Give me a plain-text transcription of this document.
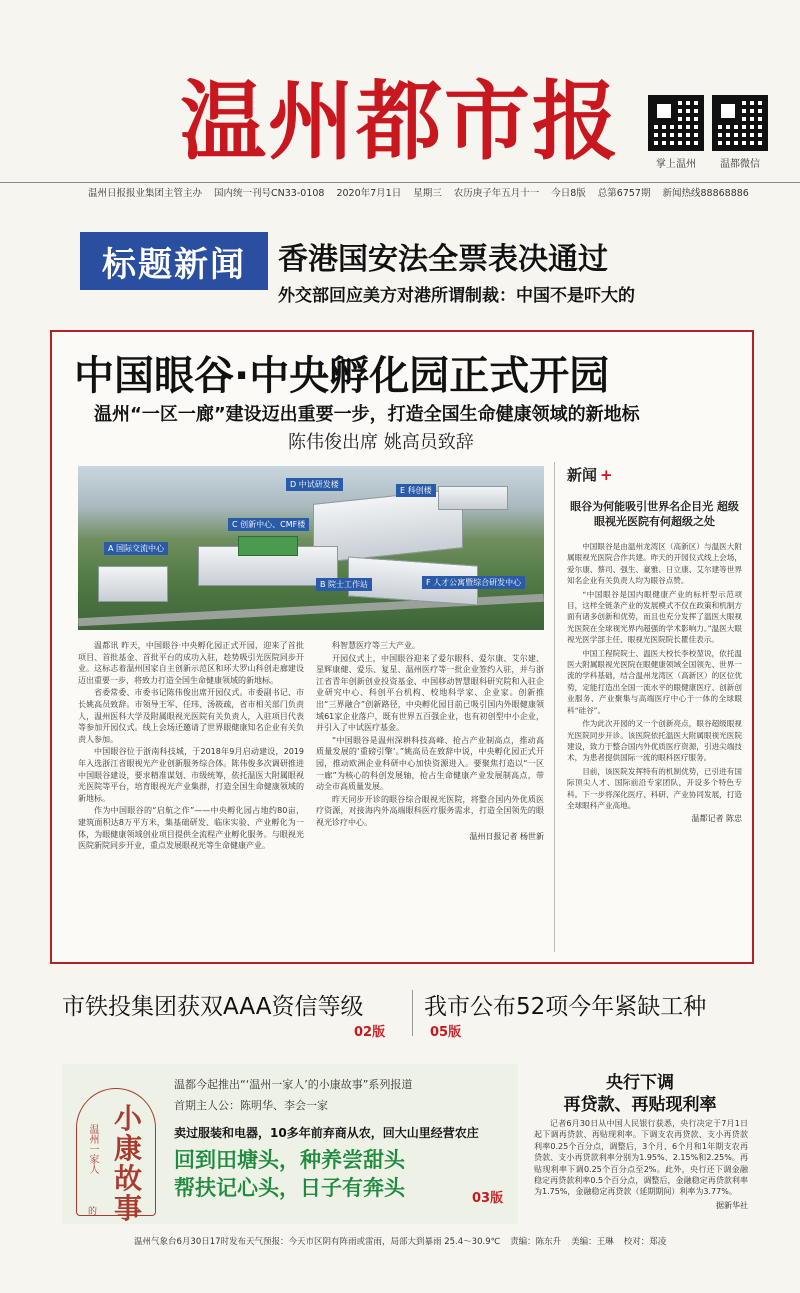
温州都市报	掌上温州	温都微信
温州日报报业集团主管主办 国内统一刊号CN33-0108 2020年7月1日 星期三 农历庚子年五月十一 今日8版 总第6757期 新闻热线88868886
标题新闻	香港国安法全票表决通过
外交部回应美方对港所谓制裁：中国不是吓大的
中国眼谷·中央孵化园正式开园
温州“一区一廊”建设迈出重要一步，打造全国生命健康领域的新地标
陈伟俊出席 姚高员致辞
D 中试研发楼
E 科创楼
C 创新中心、CMF楼
A 国际交流中心
B 院士工作站	F 人才公寓暨综合研发中心

温都讯 昨天，中国眼谷·中央孵化园正式开园，迎来了首批项目、首批基金、首批平台的成功入驻，趁势吸引光医院同步开业。这标志着温州国家自主创新示范区和环大罗山科创走廊建设迈出重要一步，将致力打造全国生命健康领域的新地标。

省委常委、市委书记陈伟俊出席开园仪式。市委副书记、市长姚高员致辞。市领导王军、任玮、汤筱疏，省市相关部门负责人，温州医科大学及附属眼视光医院有关负责人，入驻项目代表等参加开园仪式。线上会场还邀请了世界眼健康知名企业有关负责人参加。

中国眼谷位于浙南科技城，于2018年9月启动建设，2019年入选浙江省眼视光产业创新服务综合体。陈伟俊多次调研推进中国眼谷建设，要求精准谋划、市级统筹，依托温医大附属眼视光医院等平台，培育眼视光产业集群，打造全国生命健康领域的新地标。

作为中国眼谷的“启航之作”——中央孵化园占地约80亩，建筑面积达8万平方米，集基础研发、临床实验、产业孵化为一体，为眼健康领域创业项目提供全流程产业孵化服务。与眼视光医院新院同步开业，重点发展眼视光等生命健康产业。

科智慧医疗等三大产业。

开园仪式上，中国眼谷迎来了爱尔眼科、爱尔康、艾尔建、星辉康健、爱乐、复星、温州医疗等一批企业签约入驻，并与浙江省青年创新创业投资基金、中国移动智慧眼科研究院和入驻企业研究中心、科创平台机构、校地科学家、企业家。创新推出“三界融合”创新路径，中央孵化园目前已吸引国内外眼健康领域61家企业落户，既有世界五百强企业，也有初创型中小企业，并引入了中试医疗基金。

“中国眼谷是温州深耕科技高峰、抢占产业制高点，推动高质量发展的‘重磅引擎’。”姚高员在致辞中说，中央孵化园正式开园，推动欧洲企业科研中心加快资源进入。要聚焦打造以“一区一廊”为核心的科创发展轴，抢占生命健康产业发展制高点，带动全市高质量发展。

昨天同步开诊的眼谷综合眼视光医院，将整合国内外优质医疗资源，对接海内外高端眼科医疗服务需求，打造全国领先的眼视光诊疗中心。

温州日报记者 杨世新
新闻 +
眼谷为何能吸引世界名企目光 超级眼视光医院有何超级之处

中国眼谷是由温州龙湾区（高新区）与温医大附属眼视光医院合作共建。昨天的开园仪式线上会场，爱尔康、蔡司、强生、豪雅、日立康、艾尔建等世界知名企业有关负责人均为眼谷点赞。

“中国眼谷是国内眼健康产业的标杆型示范项目，这样全链条产业的发展模式不仅在政策和机制方面有诸多创新和优势，而且也充分发挥了温医大眼视光医院在全球视光界内超强的学术影响力。”温医大眼视光医学部主任、眼视光医院院长瞿佳表示。

中国工程院院士、温医大校长李校堃说，依托温医大附属眼视光医院在眼健康领域全国领先、世界一流的学科基础，结合温州龙湾区（高新区）的区位优势，定能打造出全国一流水平的眼健康医疗、创新创业服务、产业聚集与高端医疗中心于一体的全球眼科“硅谷”。

作为此次开园的又一个创新亮点，眼谷超级眼视光医院同步开诊。该医院依托温医大附属眼视光医院建设，致力于整合国内外优质医疗资源，引进尖端技术，为患者提供国际一流的眼科医疗服务。

目前，该医院发挥特有的机制优势，已引进有国际顶尖人才、国际前沿专家团队，开设多个特色专科。下一步将深化医疗、科研、产业协同发展，打造全球眼科产业高地。

温都记者 陈忠
市铁投集团获双AAA资信等级	我市公布52项今年紧缺工种
02版	05版
小康故事
温州一家人
的
温都今起推出“‘温州一家人’的小康故事”系列报道
首期主人公：陈明华、李会一家
卖过服装和电器，10多年前弃商从农，回大山里经营农庄
回到田塘头，种养尝甜头
帮扶记心头，日子有奔头	03版
央行下调
再贷款、再贴现利率

记者6月30日从中国人民银行获悉，央行决定于7月1日起下调再贷款、再贴现利率。下调支农再贷款、支小再贷款利率0.25个百分点，调整后，3个月、6个月和1年期支农再贷款、支小再贷款利率分别为1.95%、2.15%和2.25%。再贴现利率下调0.25个百分点至2%。此外，央行还下调金融稳定再贷款利率0.5个百分点，调整后，金融稳定再贷款利率为1.75%，金融稳定再贷款（延期期间）利率为3.77%。

据新华社
温州气象台6月30日17时发布天气预报：今天市区阴有阵雨或雷雨，局部大到暴雨 25.4～30.9℃ 责编：陈东升 美编：王琳 校对：郑凌
